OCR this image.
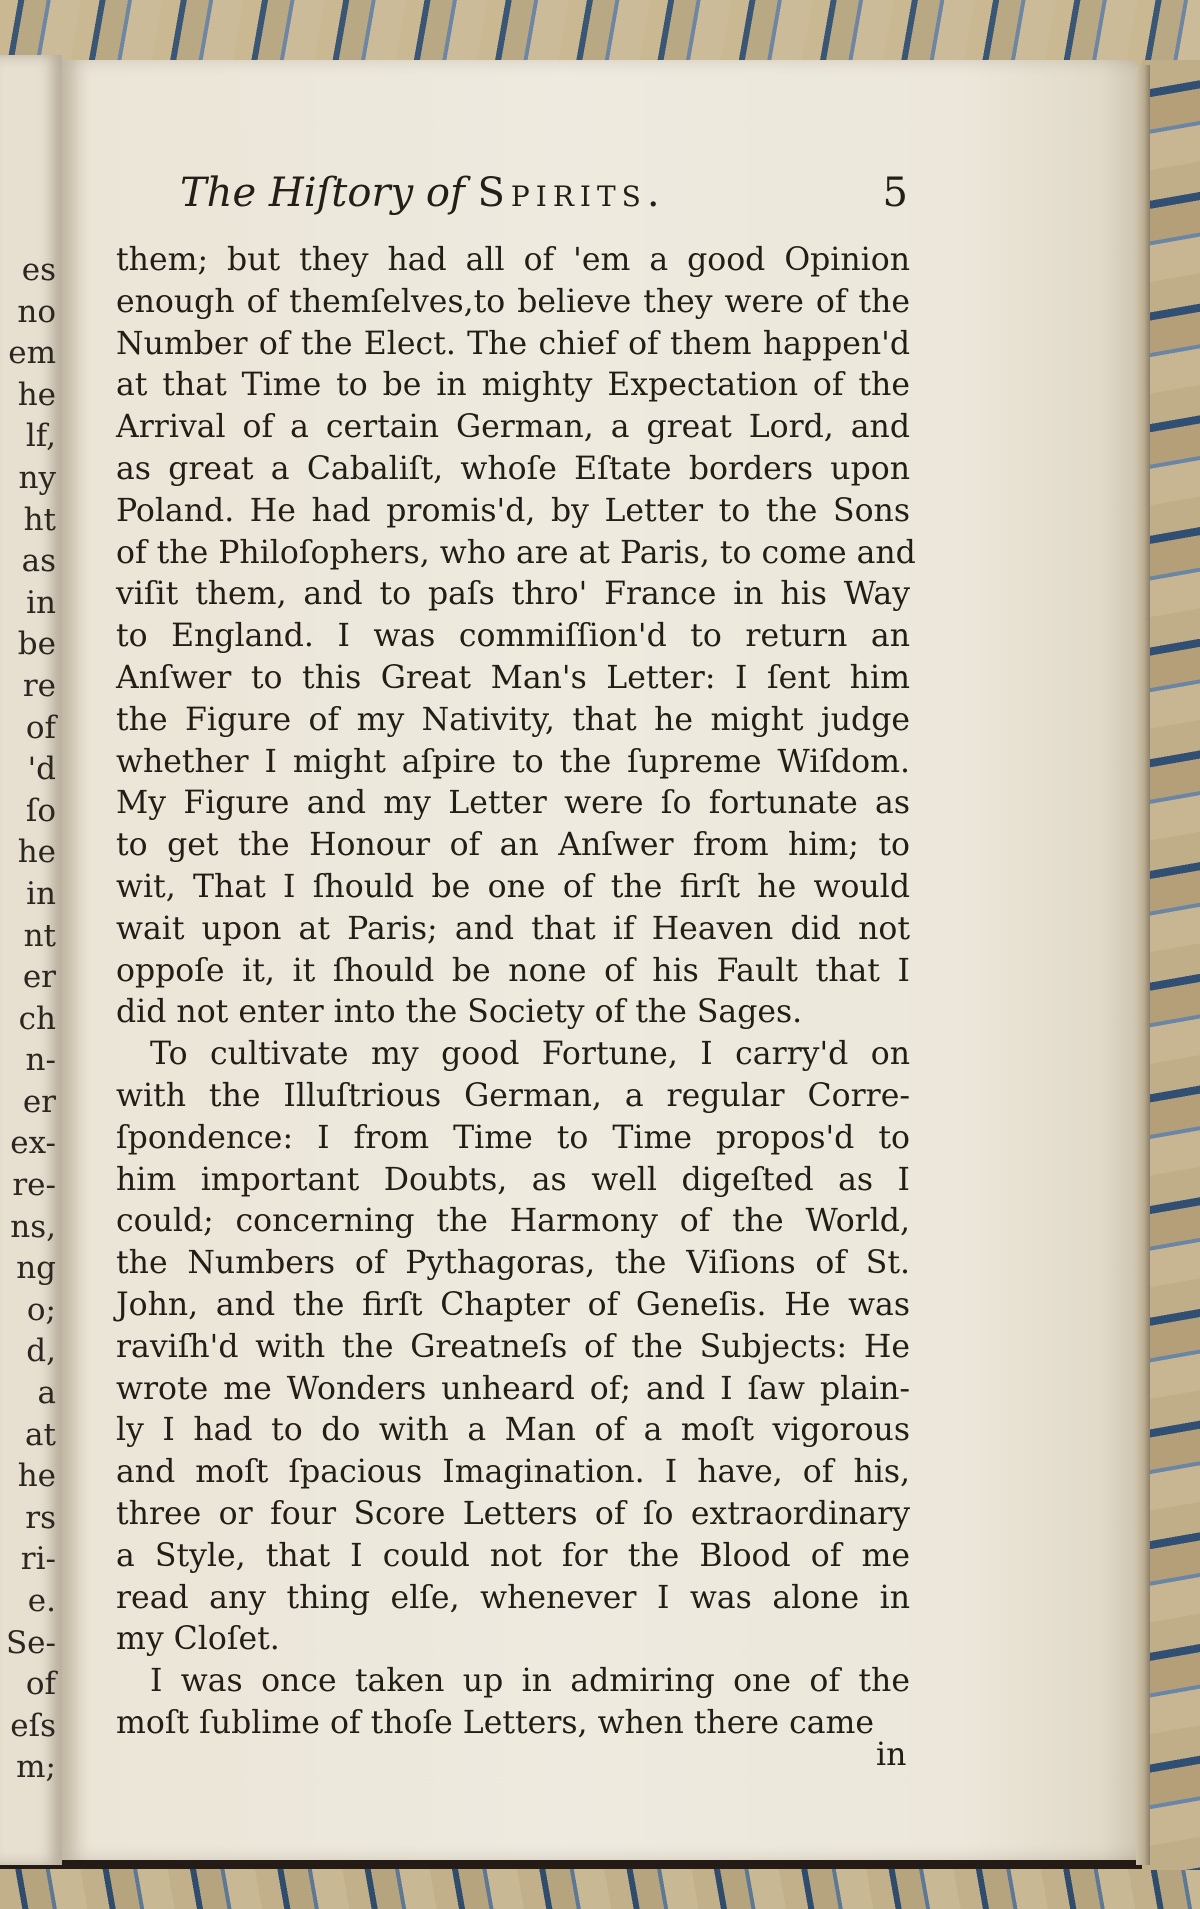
es
no
em
he
lf,
ny
ht
as
in
be
re
of
'd
ſo
he
in
nt
er
ch
n-
er
ex-
re-
ns,
ng
o;
d,
a
at
he
rs
ri-
e.
Se-
of
eſs
m;
The Hiſtory of Spirits.	5
them; but they had all of 'em a good Opinion
enough of themſelves,to believe they were of the
Number of the Elect. The chief of them happen'd
at that Time to be in mighty Expectation of the
Arrival of a certain German, a great Lord, and
as great a Cabaliſt, whoſe Eſtate borders upon
Poland. He had promis'd, by Letter to the Sons
of the Philoſophers, who are at Paris, to come and
viſit them, and to paſs thro' France in his Way
to England. I was commiſſion'd to return an
Anſwer to this Great Man's Letter: I ſent him
the Figure of my Nativity, that he might judge
whether I might aſpire to the ſupreme Wiſdom.
My Figure and my Letter were ſo fortunate as
to get the Honour of an Anſwer from him; to
wit, That I ſhould be one of the firſt he would
wait upon at Paris; and that if Heaven did not
oppoſe it, it ſhould be none of his Fault that I
did not enter into the Society of the Sages.
To cultivate my good Fortune, I carry'd on
with the Illuſtrious German, a regular Corre-
ſpondence: I from Time to Time propos'd to
him important Doubts, as well digeſted as I
could; concerning the Harmony of the World,
the Numbers of Pythagoras, the Viſions of St.
John, and the firſt Chapter of Geneſis. He was
raviſh'd with the Greatneſs of the Subjects: He
wrote me Wonders unheard of; and I ſaw plain-
ly I had to do with a Man of a moſt vigorous
and moſt ſpacious Imagination. I have, of his,
three or four Score Letters of ſo extraordinary
a Style, that I could not for the Blood of me
read any thing elſe, whenever I was alone in
my Cloſet.
I was once taken up in admiring one of the
moſt ſublime of thoſe Letters, when there came
in
